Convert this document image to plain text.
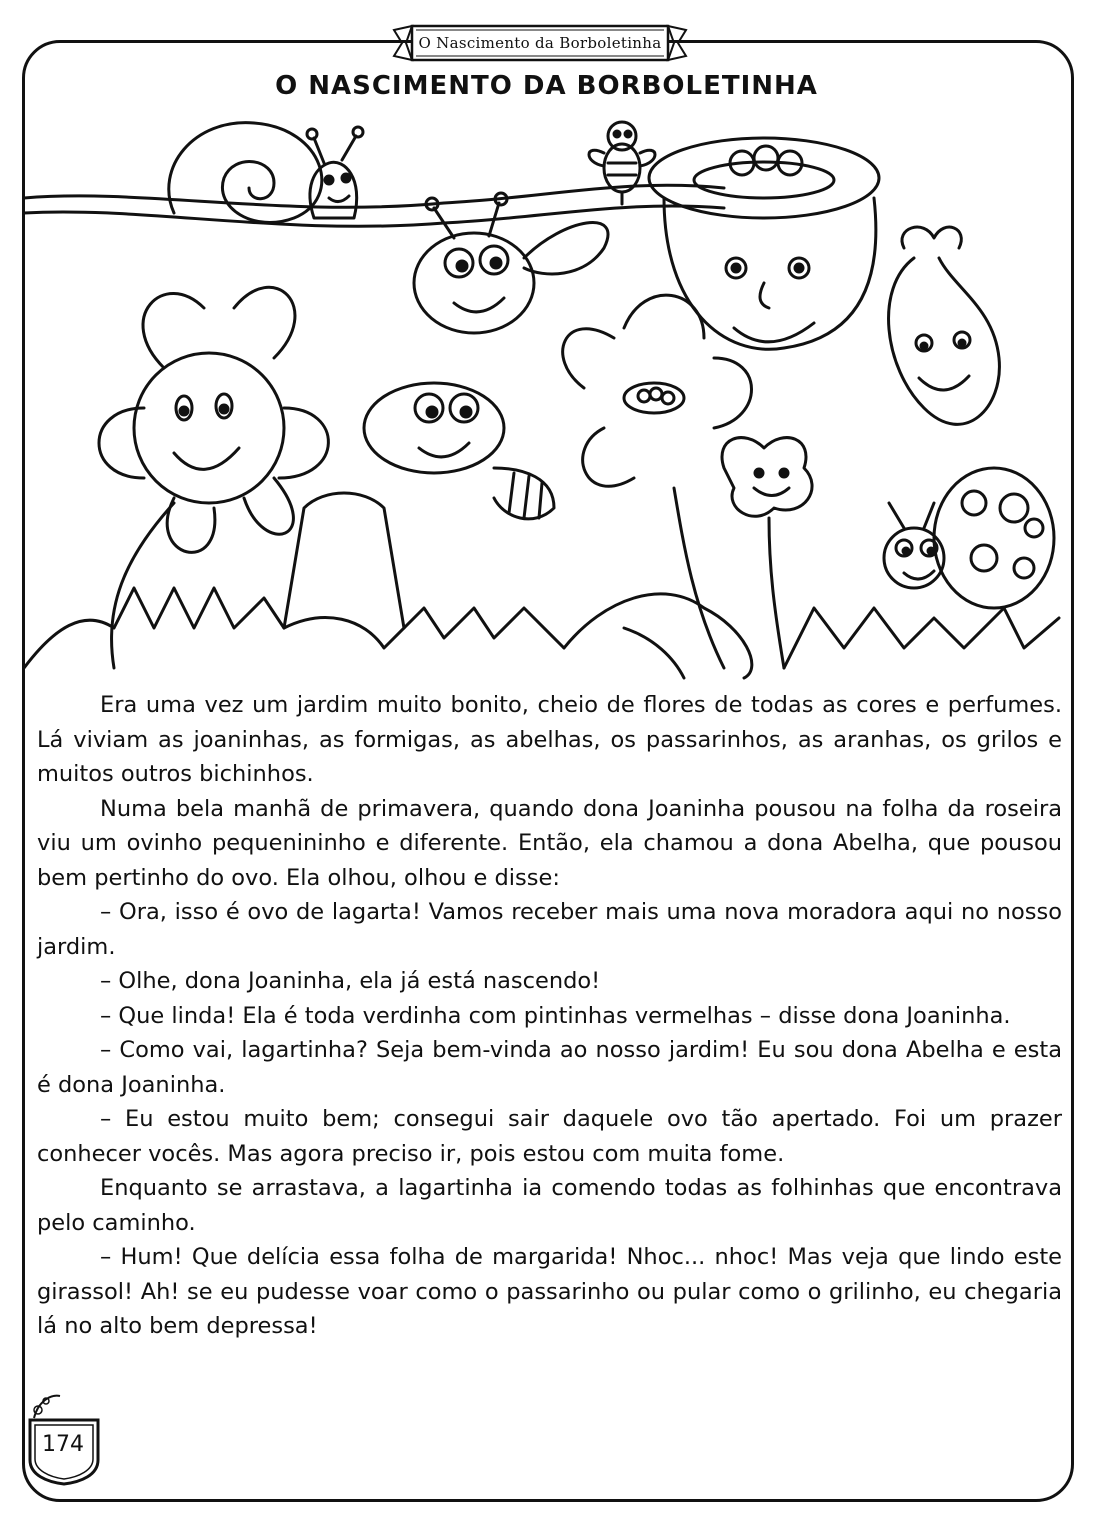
O Nascimento da Borboletinha
O NASCIMENTO DA BORBOLETINHA

Era uma vez um jardim muito bonito, cheio de flores de todas as cores e perfumes. Lá viviam as joaninhas, as formigas, as abelhas, os passarinhos, as aranhas, os grilos e muitos outros bichinhos.

Numa bela manhã de primavera, quando dona Joaninha pousou na folha da roseira viu um ovinho pequenininho e diferente. Então, ela chamou a dona Abelha, que pousou bem pertinho do ovo. Ela olhou, olhou e disse:

– Ora, isso é ovo de lagarta! Vamos receber mais uma nova moradora aqui no nosso jardim.

– Olhe, dona Joaninha, ela já está nascendo!

– Que linda! Ela é toda verdinha com pintinhas vermelhas – disse dona Joaninha.

– Como vai, lagartinha? Seja bem-vinda ao nosso jardim! Eu sou dona Abelha e esta é dona Joaninha.

– Eu estou muito bem; consegui sair daquele ovo tão apertado. Foi um prazer conhecer vocês. Mas agora preciso ir, pois estou com muita fome.

Enquanto se arrastava, a lagartinha ia comendo todas as folhinhas que encontrava pelo caminho.

– Hum! Que delícia essa folha de margarida! Nhoc... nhoc! Mas veja que lindo este girassol! Ah! se eu pudesse voar como o passarinho ou pular como o grilinho, eu chegaria lá no alto bem depressa!

174
